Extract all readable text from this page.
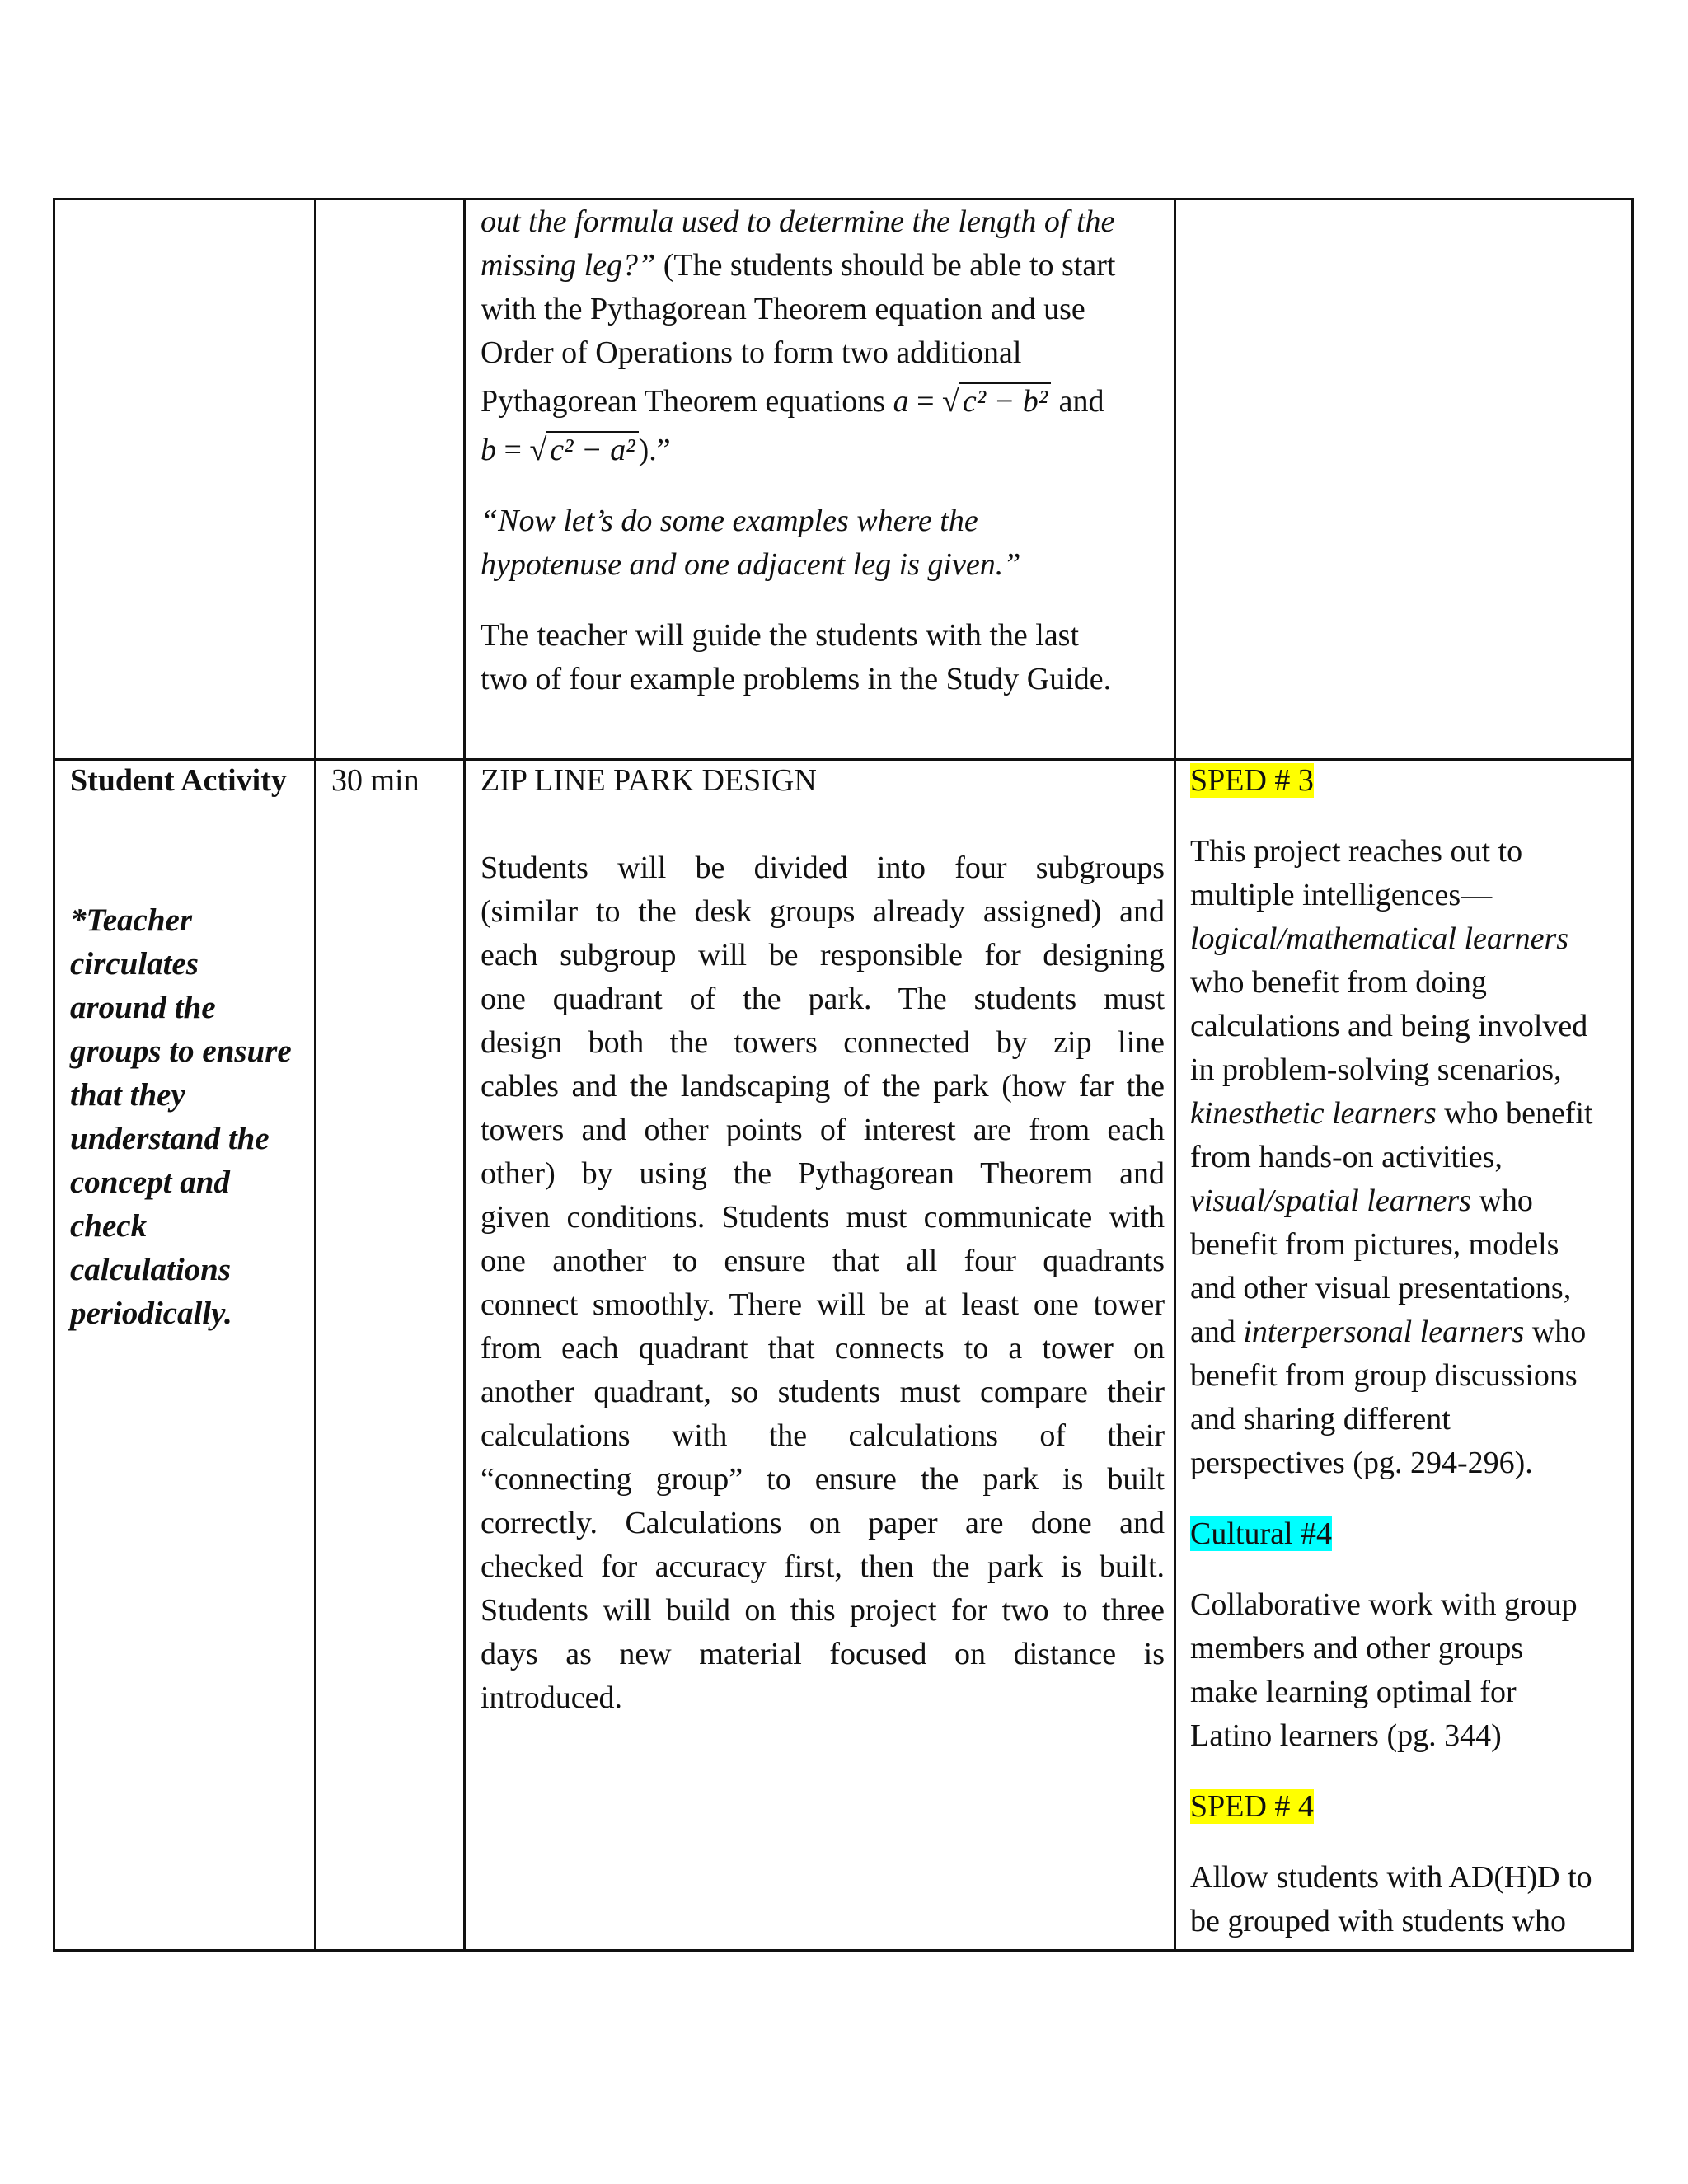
out the formula used to determine the length of the

missing leg?” (The students should be able to start

with the Pythagorean Theorem equation and use

Order of Operations to form two additional

Pythagorean Theorem equations a = √ c² − b² and

b = √ c² − a² ).”

“Now let’s do some examples where the

hypotenuse and one adjacent leg is given.”

The teacher will guide the students with the last

two of four example problems in the Study Guide.

Student Activity

*Teacher

circulates

around the

groups to ensure

that they

understand the

concept and

check

calculations

periodically.

30 min	ZIP LINE PARK DESIGN

Students will be divided into four subgroups

(similar to the desk groups already assigned) and

each subgroup will be responsible for designing

one quadrant of the park. The students must

design both the towers connected by zip line

cables and the landscaping of the park (how far the

towers and other points of interest are from each

other) by using the Pythagorean Theorem and

given conditions. Students must communicate with

one another to ensure that all four quadrants

connect smoothly. There will be at least one tower

from each quadrant that connects to a tower on

another quadrant, so students must compare their

calculations with the calculations of their

“connecting group” to ensure the park is built

correctly. Calculations on paper are done and

checked for accuracy first, then the park is built.

Students will build on this project for two to three

days as new material focused on distance is

introduced.

SPED # 3

This project reaches out to

multiple intelligences—

logical/mathematical learners

who benefit from doing

calculations and being involved

in problem-solving scenarios,

kinesthetic learners who benefit

from hands-on activities,

visual/spatial learners who

benefit from pictures, models

and other visual presentations,

and interpersonal learners who

benefit from group discussions

and sharing different

perspectives (pg. 294-296).

Cultural #4

Collaborative work with group

members and other groups

make learning optimal for

Latino learners (pg. 344)

SPED # 4

Allow students with AD(H)D to

be grouped with students who
